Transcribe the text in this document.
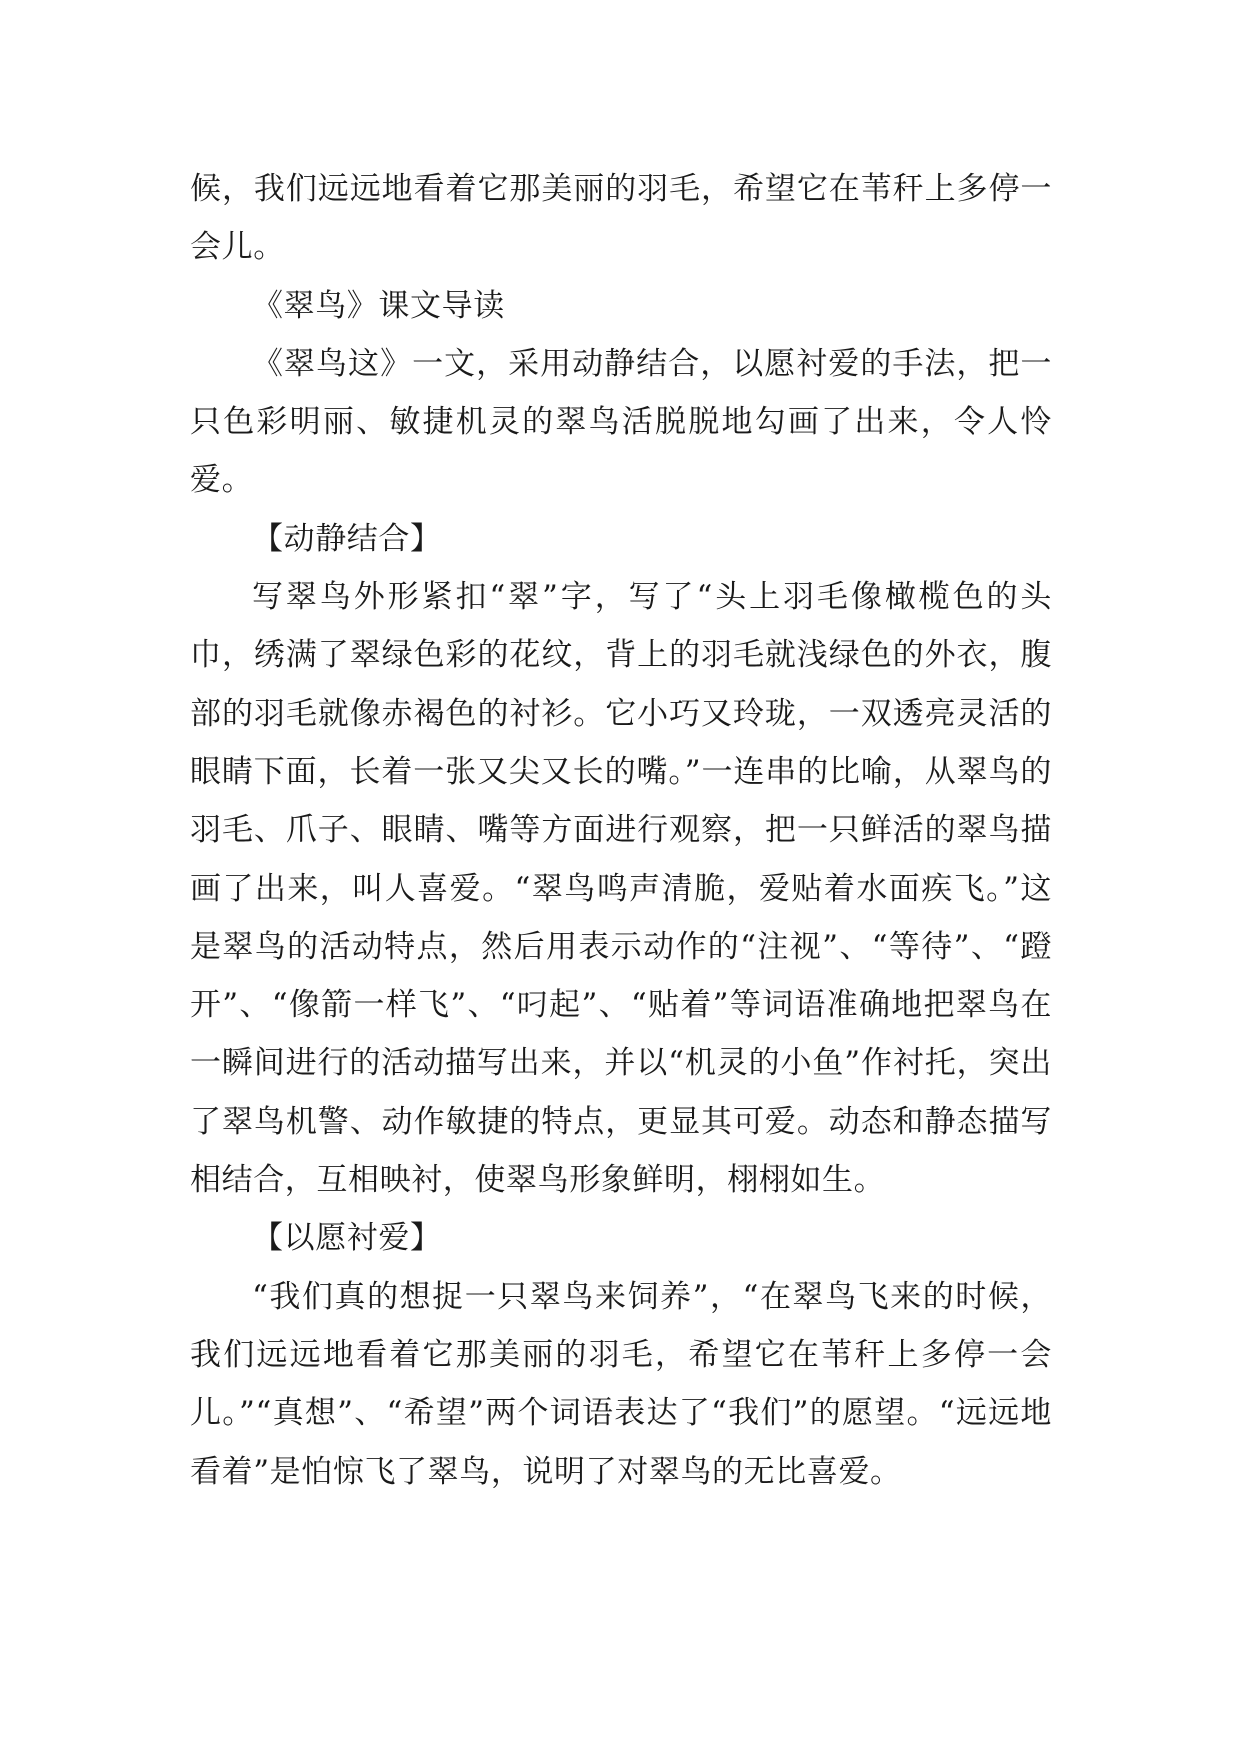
候，我们远远地看着它那美丽的羽毛，希望它在苇秆上多停一会儿。

《翠鸟》课文导读

《翠鸟这》一文，采用动静结合，以愿衬爱的手法，把一只色彩明丽、敏捷机灵的翠鸟活脱脱地勾画了出来，令人怜爱。

【动静结合】

写翠鸟外形紧扣“翠”字，写了“头上羽毛像橄榄色的头巾，绣满了翠绿色彩的花纹，背上的羽毛就浅绿色的外衣，腹部的羽毛就像赤褐色的衬衫。它小巧又玲珑，一双透亮灵活的眼睛下面，长着一张又尖又长的嘴。”一连串的比喻，从翠鸟的羽毛、爪子、眼睛、嘴等方面进行观察，把一只鲜活的翠鸟描画了出来，叫人喜爱。“翠鸟鸣声清脆，爱贴着水面疾飞。”这是翠鸟的活动特点，然后用表示动作的“注视”、“等待”、“蹬开”、“像箭一样飞”、“叼起”、“贴着”等词语准确地把翠鸟在一瞬间进行的活动描写出来，并以“机灵的小鱼”作衬托，突出了翠鸟机警、动作敏捷的特点，更显其可爱。动态和静态描写相结合，互相映衬，使翠鸟形象鲜明，栩栩如生。

【以愿衬爱】

“我们真的想捉一只翠鸟来饲养”，“在翠鸟飞来的时候，我们远远地看着它那美丽的羽毛，希望它在苇秆上多停一会儿。”“真想”、“希望”两个词语表达了“我们”的愿望。“远远地看着”是怕惊飞了翠鸟，说明了对翠鸟的无比喜爱。
